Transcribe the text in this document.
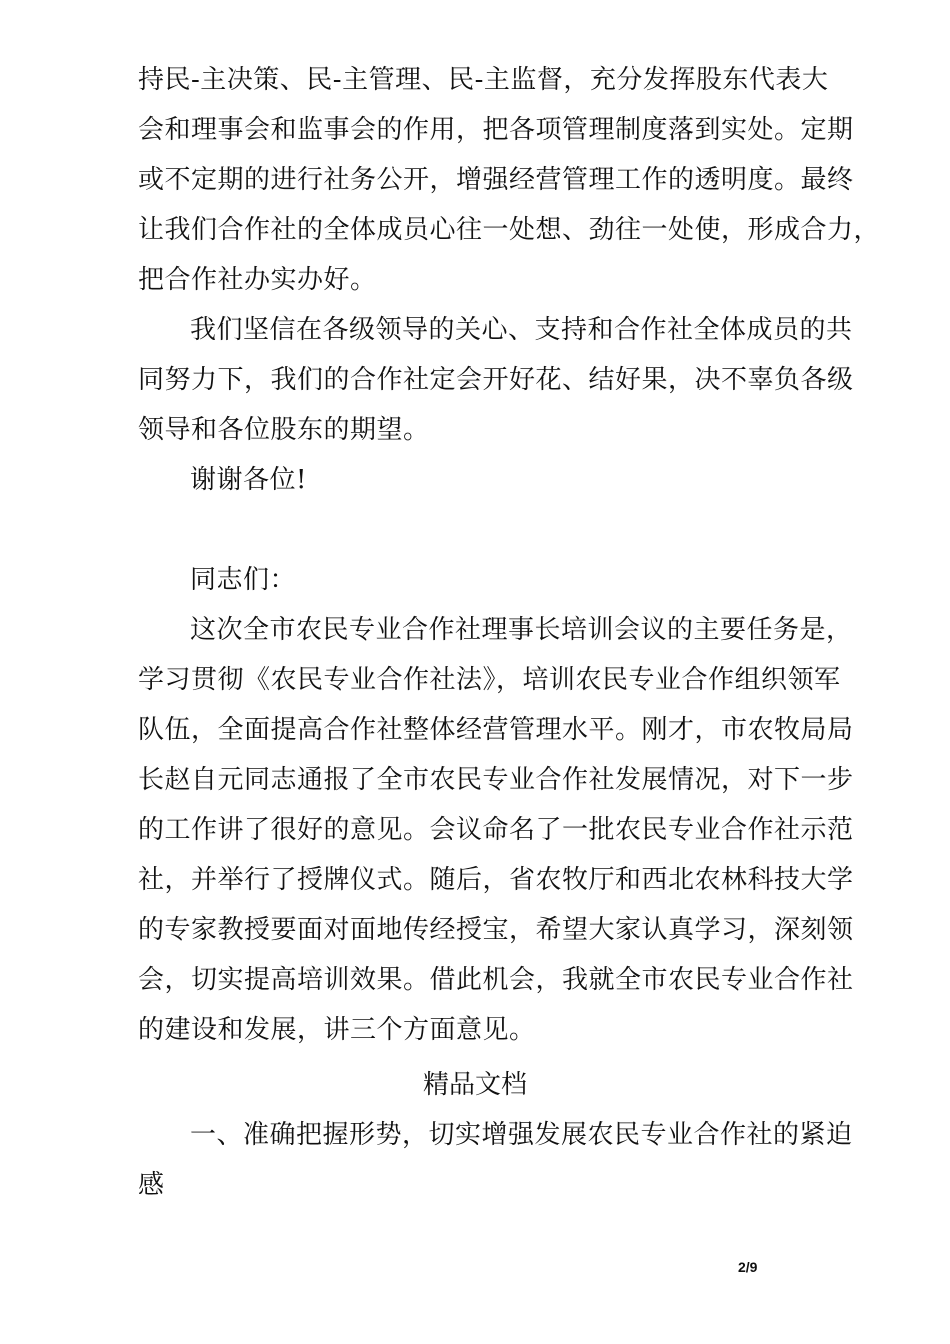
持民-主决策、民-主管理、民-主监督，充分发挥股东代表大
会和理事会和监事会的作用，把各项管理制度落到实处。定期
或不定期的进行社务公开，增强经营管理工作的透明度。最终
让我们合作社的全体成员心往一处想、劲往一处使，形成合力，
把合作社办实办好。
我们坚信在各级领导的关心、支持和合作社全体成员的共
同努力下，我们的合作社定会开好花、结好果，决不辜负各级
领导和各位股东的期望。
谢谢各位!
同志们：
这次全市农民专业合作社理事长培训会议的主要任务是，
学习贯彻《农民专业合作社法》，培训农民专业合作组织领军
队伍，全面提高合作社整体经营管理水平。刚才，市农牧局局
长赵自元同志通报了全市农民专业合作社发展情况，对下一步
的工作讲了很好的意见。会议命名了一批农民专业合作社示范
社，并举行了授牌仪式。随后，省农牧厅和西北农林科技大学
的专家教授要面对面地传经授宝，希望大家认真学习，深刻领
会，切实提高培训效果。借此机会，我就全市农民专业合作社
的建设和发展，讲三个方面意见。
精品文档
一、准确把握形势，切实增强发展农民专业合作社的紧迫
感
2/9
